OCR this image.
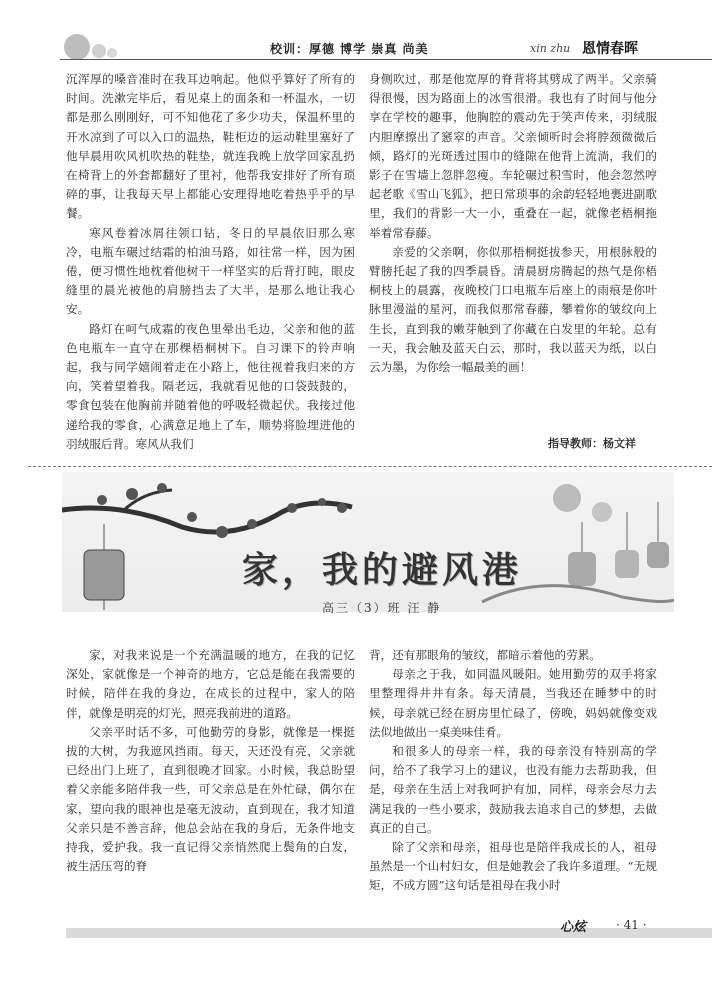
校训：厚德 博学 崇真 尚美	xin zhu 恩情春晖

沉浑厚的嗓音准时在我耳边响起。他似乎算好了所有的时间。洗漱完毕后，看见桌上的面条和一杯温水，一切都是那么刚刚好，可不知他花了多少功夫，保温杯里的开水凉到了可以入口的温热，鞋柜边的运动鞋里塞好了他早晨用吹风机吹热的鞋垫，就连我晚上放学回家乱扔在椅背上的外套都翻好了里衬，他帮我安排好了所有琐碎的事，让我每天早上都能心安理得地吃着热乎乎的早餐。

寒风卷着冰屑往领口钻，冬日的早晨依旧那么寒冷，电瓶车碾过结霜的柏油马路，如往常一样，因为困倦，便习惯性地枕着他树干一样坚实的后背打盹，眼皮缝里的晨光被他的肩膀挡去了大半，是那么地让我心安。

路灯在呵气成霜的夜色里晕出毛边，父亲和他的蓝色电瓶车一直守在那棵梧桐树下。自习课下的铃声响起，我与同学嬉闹着走在小路上，他往视着我归来的方向，笑着望着我。隔老远，我就看见他的口袋鼓鼓的，零食包装在他胸前并随着他的呼吸轻微起伏。我接过他递给我的零食，心满意足地上了车，顺势将脸埋进他的羽绒服后背。寒风从我们

身侧吹过，那是他宽厚的脊背将其劈成了两半。父亲骑得很慢，因为路面上的冰雪很滑。我也有了时间与他分享在学校的趣事，他胸腔的震动先于笑声传来，羽绒服内胆摩擦出了窸窣的声音。父亲倾听时会将脖颈微微后倾，路灯的光斑透过围巾的缝隙在他背上流淌，我们的影子在雪墙上忽胖忽瘦。车轮碾过积雪时，他会忽然哼起老歌《雪山飞狐》，把日常琐事的余韵轻轻地裹进副歌里，我们的背影一大一小，重叠在一起，就像老梧桐拖举着常春藤。

亲爱的父亲啊，你似那梧桐挺拔参天，用根脉般的臂膀托起了我的四季晨昏。清晨厨房腾起的热气是你梧桐枝上的晨露，夜晚校门口电瓶车后座上的雨痕是你叶脉里漫溢的星河，而我似那常春藤，攀着你的皱纹向上生长，直到我的嫩芽触到了你藏在白发里的年轮。总有一天，我会触及蓝天白云，那时，我以蓝天为纸，以白云为墨，为你绘一幅最美的画！

指导教师：杨文祥
家，我的避风港
高三（3）班 汪 静

家，对我来说是一个充满温暖的地方，在我的记忆深处，家就像是一个神奇的地方，它总是能在我需要的时候，陪伴在我的身边，在成长的过程中，家人的陪伴，就像是明亮的灯光，照亮我前进的道路。

父亲平时话不多，可他勤劳的身影，就像是一棵挺拔的大树，为我遮风挡雨。每天，天还没有亮，父亲就已经出门上班了，直到很晚才回家。小时候，我总盼望着父亲能多陪伴我一些，可父亲总是在外忙碌，偶尔在家，望向我的眼神也是毫无波动，直到现在，我才知道父亲只是不善言辞，他总会站在我的身后，无条件地支持我，爱护我。我一直记得父亲悄然爬上鬓角的白发，被生活压弯的脊

背，还有那眼角的皱纹，都暗示着他的劳累。

母亲之于我，如同温风暖阳。她用勤劳的双手将家里整理得井井有条。每天清晨，当我还在睡梦中的时候，母亲就已经在厨房里忙碌了，傍晚，妈妈就像变戏法似地做出一桌美味佳肴。

和很多人的母亲一样，我的母亲没有特别高的学问，给不了我学习上的建议，也没有能力去帮助我，但是，母亲在生活上对我呵护有加，同样，母亲会尽力去满足我的一些小要求，鼓励我去追求自己的梦想，去做真正的自己。

除了父亲和母亲，祖母也是陪伴我成长的人，祖母虽然是一个山村妇女，但是她教会了我许多道理。“无规矩，不成方圆”这句话是祖母在我小时

心炫 · 41 ·
